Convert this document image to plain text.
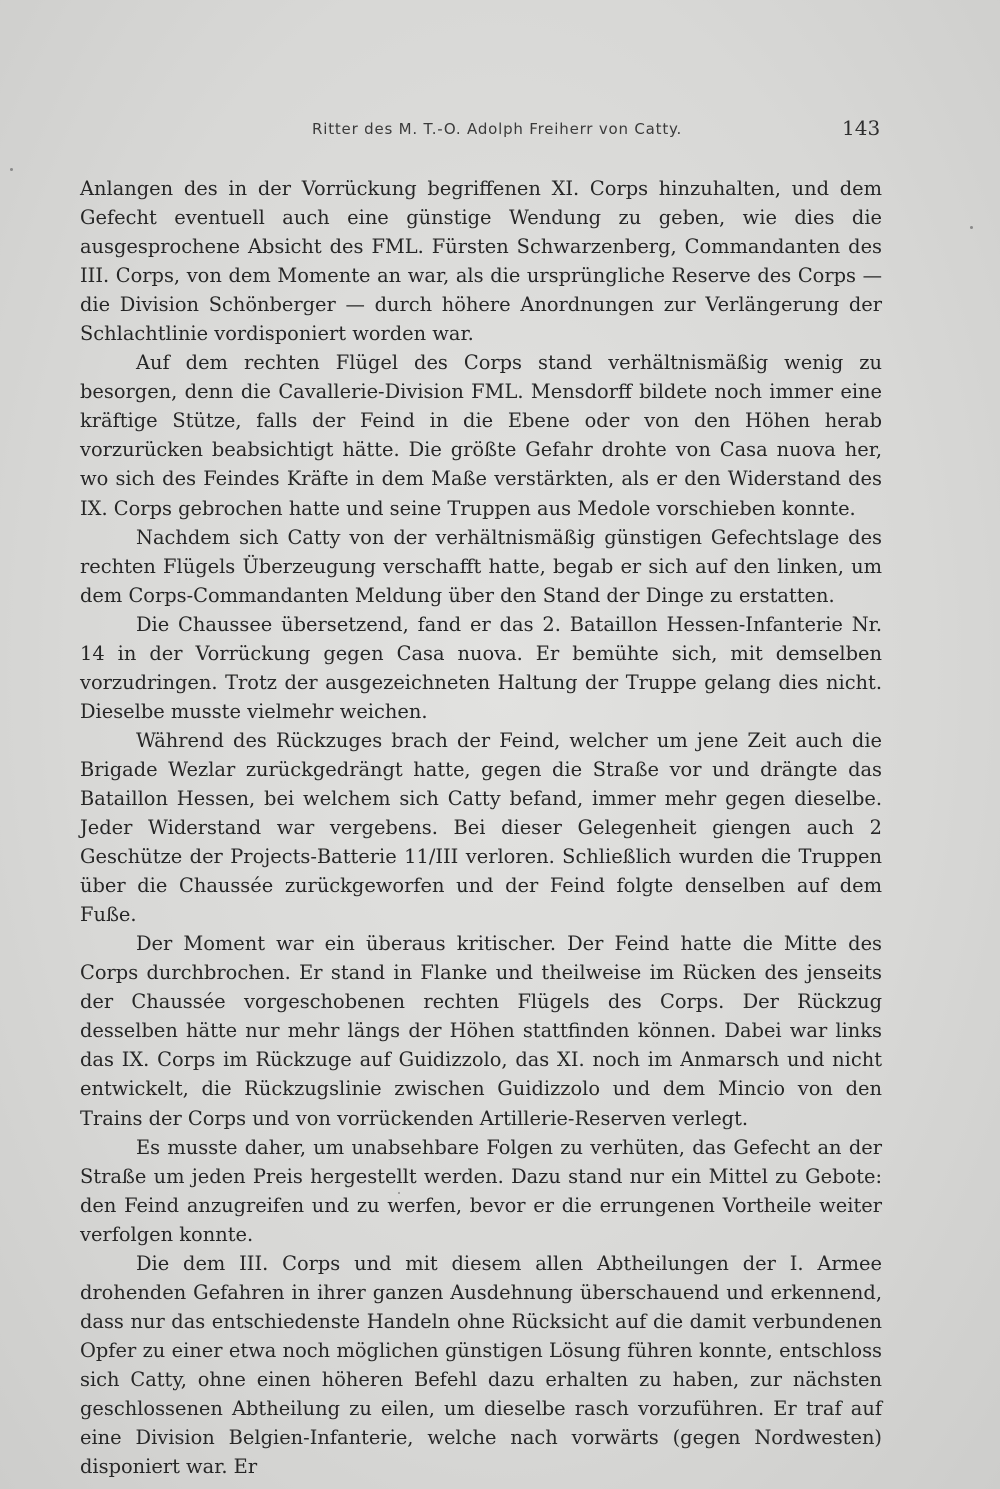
Ritter des M. T.-O. Adolph Freiherr von Catty.	143

Anlangen des in der Vorrückung begriffenen XI. Corps hinzuhalten, und dem Gefecht eventuell auch eine günstige Wendung zu geben, wie dies die ausgesprochene Absicht des FML. Fürsten Schwarzenberg, Commandanten des III. Corps, von dem Momente an war, als die ursprüngliche Reserve des Corps — die Division Schönberger — durch höhere Anordnungen zur Verlängerung der Schlachtlinie vordisponiert worden war.

Auf dem rechten Flügel des Corps stand verhältnismäßig wenig zu besorgen, denn die Cavallerie-Division FML. Mensdorff bildete noch immer eine kräftige Stütze, falls der Feind in die Ebene oder von den Höhen herab vorzurücken beabsichtigt hätte. Die größte Gefahr drohte von Casa nuova her, wo sich des Feindes Kräfte in dem Maße verstärkten, als er den Widerstand des IX. Corps gebrochen hatte und seine Truppen aus Medole vorschieben konnte.

Nachdem sich Catty von der verhältnismäßig günstigen Gefechtslage des rechten Flügels Überzeugung verschafft hatte, begab er sich auf den linken, um dem Corps-Commandanten Meldung über den Stand der Dinge zu erstatten.

Die Chaussee übersetzend, fand er das 2. Bataillon Hessen-Infanterie Nr. 14 in der Vorrückung gegen Casa nuova. Er bemühte sich, mit demselben vorzudringen. Trotz der ausgezeichneten Haltung der Truppe gelang dies nicht. Dieselbe musste vielmehr weichen.

Während des Rückzuges brach der Feind, welcher um jene Zeit auch die Brigade Wezlar zurückgedrängt hatte, gegen die Straße vor und drängte das Bataillon Hessen, bei welchem sich Catty befand, immer mehr gegen dieselbe. Jeder Widerstand war vergebens. Bei dieser Gelegenheit giengen auch 2 Geschütze der Projects-Batterie 11/III verloren. Schließlich wurden die Truppen über die Chaussée zurückgeworfen und der Feind folgte denselben auf dem Fuße.

Der Moment war ein überaus kritischer. Der Feind hatte die Mitte des Corps durchbrochen. Er stand in Flanke und theilweise im Rücken des jenseits der Chaussée vorgeschobenen rechten Flügels des Corps. Der Rückzug desselben hätte nur mehr längs der Höhen stattfinden können. Dabei war links das IX. Corps im Rückzuge auf Guidizzolo, das XI. noch im Anmarsch und nicht entwickelt, die Rückzugslinie zwischen Guidizzolo und dem Mincio von den Trains der Corps und von vorrückenden Artillerie-Reserven verlegt.

Es musste daher, um unabsehbare Folgen zu verhüten, das Gefecht an der Straße um jeden Preis hergestellt werden. Dazu stand nur ein Mittel zu Gebote: den Feind anzugreifen und zu werfen, bevor er die errungenen Vortheile weiter verfolgen konnte.

Die dem III. Corps und mit diesem allen Abtheilungen der I. Armee drohenden Gefahren in ihrer ganzen Ausdehnung überschauend und erkennend, dass nur das entschiedenste Handeln ohne Rücksicht auf die damit verbundenen Opfer zu einer etwa noch möglichen günstigen Lösung führen konnte, entschloss sich Catty, ohne einen höheren Befehl dazu erhalten zu haben, zur nächsten geschlossenen Abtheilung zu eilen, um dieselbe rasch vorzuführen. Er traf auf eine Division Belgien-Infanterie, welche nach vorwärts (gegen Nordwesten) disponiert war. Er
